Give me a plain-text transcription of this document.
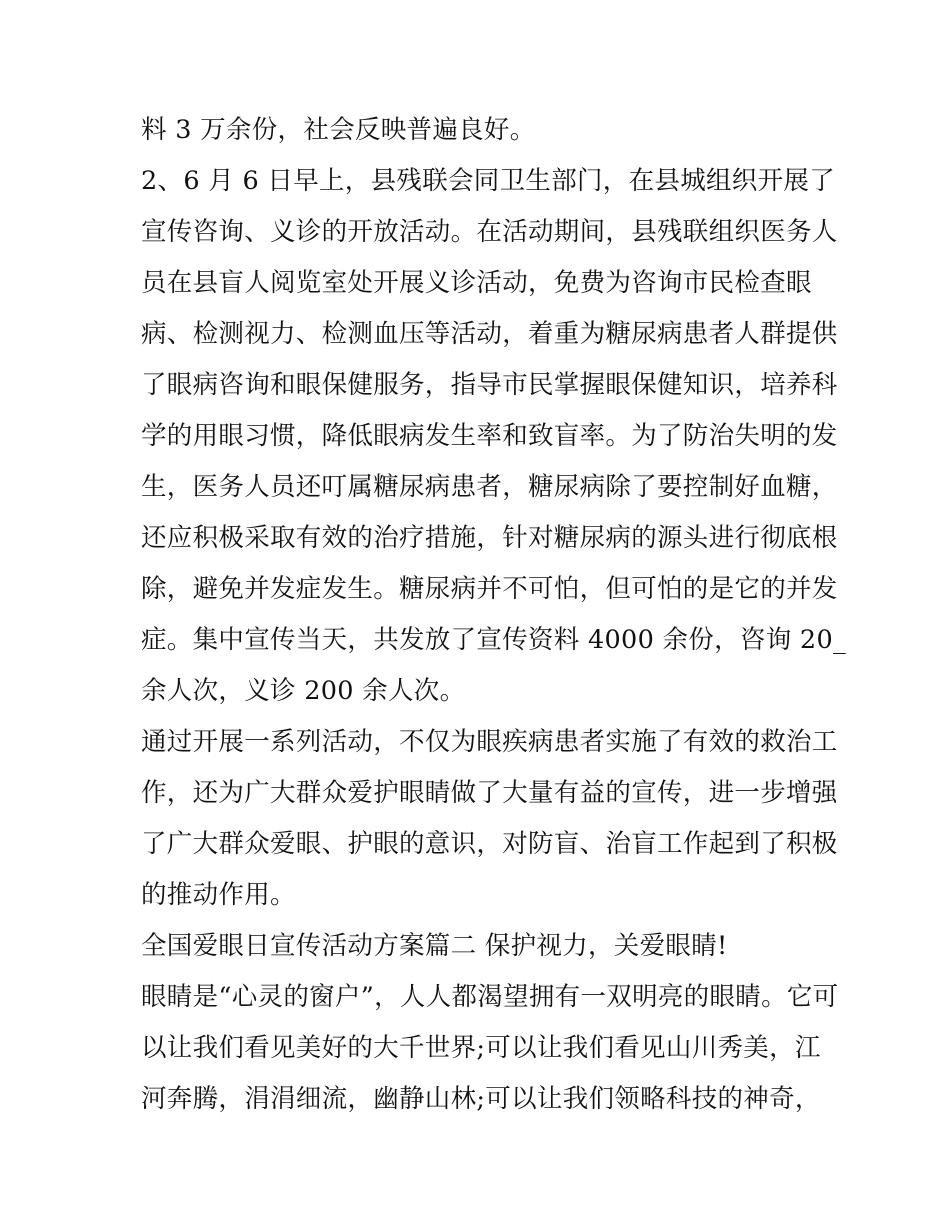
料 3 万余份，社会反映普遍良好。
2、6 月 6 日早上，县残联会同卫生部门，在县城组织开展了
宣传咨询、义诊的开放活动。在活动期间，县残联组织医务人
员在县盲人阅览室处开展义诊活动，免费为咨询市民检查眼
病、检测视力、检测血压等活动，着重为糖尿病患者人群提供
了眼病咨询和眼保健服务，指导市民掌握眼保健知识，培养科
学的用眼习惯，降低眼病发生率和致盲率。为了防治失明的发
生，医务人员还叮属糖尿病患者，糖尿病除了要控制好血糖，
还应积极采取有效的治疗措施，针对糖尿病的源头进行彻底根
除，避免并发症发生。糖尿病并不可怕，但可怕的是它的并发
症。集中宣传当天，共发放了宣传资料 4000 余份，咨询 20_
余人次，义诊 200 余人次。
通过开展一系列活动，不仅为眼疾病患者实施了有效的救治工
作，还为广大群众爱护眼睛做了大量有益的宣传，进一步增强
了广大群众爱眼、护眼的意识，对防盲、治盲工作起到了积极
的推动作用。
全国爱眼日宣传活动方案篇二 保护视力，关爱眼睛!
眼睛是“心灵的窗户”，人人都渴望拥有一双明亮的眼睛。它可
以让我们看见美好的大千世界;可以让我们看见山川秀美，江
河奔腾，涓涓细流，幽静山林;可以让我们领略科技的神奇，
